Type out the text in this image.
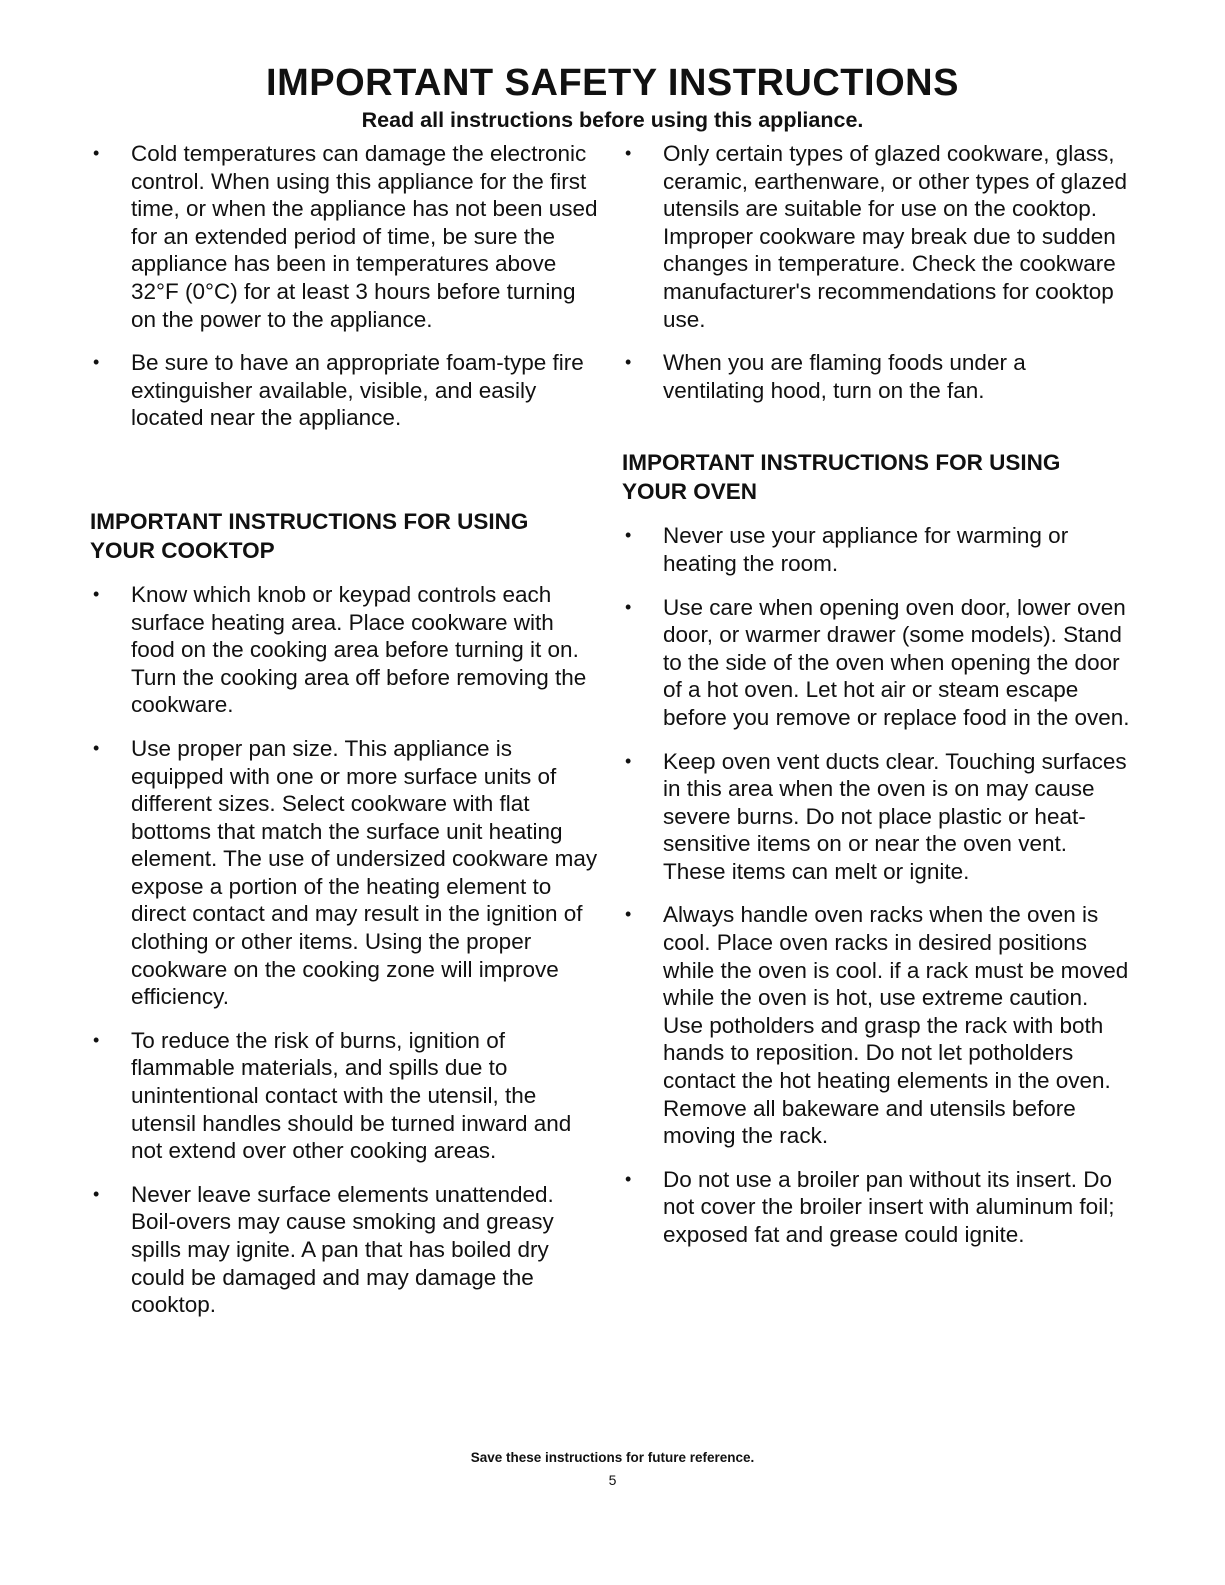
IMPORTANT SAFETY INSTRUCTIONS

Read all instructions before using this appliance.

• Cold temperatures can damage the electronic control. When using this appliance for the first time, or when the appliance has not been used for an extended period of time, be sure the appliance has been in temperatures above 32°F (0°C) for at least 3 hours before turning on the power to the appliance.
• Be sure to have an appropriate foam-type fire extinguisher available, visible, and easily located near the appliance.
IMPORTANT INSTRUCTIONS FOR USING YOUR COOKTOP
• Know which knob or keypad controls each surface heating area. Place cookware with food on the cooking area before turning it on. Turn the cooking area off before removing the cookware.
• Use proper pan size. This appliance is equipped with one or more surface units of different sizes. Select cookware with flat bottoms that match the surface unit heating element. The use of undersized cookware may expose a portion of the heating element to direct contact and may result in the ignition of clothing or other items. Using the proper cookware on the cooking zone will improve efficiency.
• To reduce the risk of burns, ignition of flammable materials, and spills due to unintentional contact with the utensil, the utensil handles should be turned inward and not extend over other cooking areas.
• Never leave surface elements unattended. Boil-overs may cause smoking and greasy spills may ignite. A pan that has boiled dry could be damaged and may damage the cooktop.
• Only certain types of glazed cookware, glass, ceramic, earthenware, or other types of glazed utensils are suitable for use on the cooktop. Improper cookware may break due to sudden changes in temperature. Check the cookware manufacturer's recommendations for cooktop use.
• When you are flaming foods under a ventilating hood, turn on the fan.
IMPORTANT INSTRUCTIONS FOR USING YOUR OVEN
• Never use your appliance for warming or heating the room.
• Use care when opening oven door, lower oven door, or warmer drawer (some models). Stand to the side of the oven when opening the door of a hot oven. Let hot air or steam escape before you remove or replace food in the oven.
• Keep oven vent ducts clear. Touching surfaces in this area when the oven is on may cause severe burns. Do not place plastic or heat-sensitive items on or near the oven vent. These items can melt or ignite.
• Always handle oven racks when the oven is cool. Place oven racks in desired positions while the oven is cool. if a rack must be moved while the oven is hot, use extreme caution. Use potholders and grasp the rack with both hands to reposition. Do not let potholders contact the hot heating elements in the oven. Remove all bakeware and utensils before moving the rack.
• Do not use a broiler pan without its insert. Do not cover the broiler insert with aluminum foil; exposed fat and grease could ignite.

Save these instructions for future reference.

5
